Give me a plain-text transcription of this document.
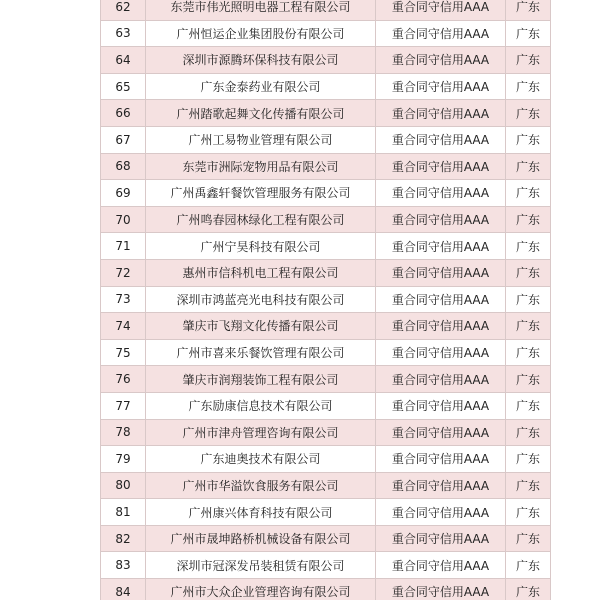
62	东莞市伟光照明电器工程有限公司	重合同守信用AAA	广东
63	广州恒运企业集团股份有限公司	重合同守信用AAA	广东
64	深圳市源腾环保科技有限公司	重合同守信用AAA	广东
65	广东金泰药业有限公司	重合同守信用AAA	广东
66	广州踏歌起舞文化传播有限公司	重合同守信用AAA	广东
67	广州工易物业管理有限公司	重合同守信用AAA	广东
68	东莞市洲际宠物用品有限公司	重合同守信用AAA	广东
69	广州禹鑫轩餐饮管理服务有限公司	重合同守信用AAA	广东
70	广州鸣春园林绿化工程有限公司	重合同守信用AAA	广东
71	广州宁昊科技有限公司	重合同守信用AAA	广东
72	惠州市信科机电工程有限公司	重合同守信用AAA	广东
73	深圳市鸿蓝亮光电科技有限公司	重合同守信用AAA	广东
74	肇庆市飞翔文化传播有限公司	重合同守信用AAA	广东
75	广州市喜来乐餐饮管理有限公司	重合同守信用AAA	广东
76	肇庆市润翔装饰工程有限公司	重合同守信用AAA	广东
77	广东励康信息技术有限公司	重合同守信用AAA	广东
78	广州市津舟管理咨询有限公司	重合同守信用AAA	广东
79	广东迪奥技术有限公司	重合同守信用AAA	广东
80	广州市华溢饮食服务有限公司	重合同守信用AAA	广东
81	广州康兴体育科技有限公司	重合同守信用AAA	广东
82	广州市晟坤路桥机械设备有限公司	重合同守信用AAA	广东
83	深圳市冠深发吊装租赁有限公司	重合同守信用AAA	广东
84	广州市大众企业管理咨询有限公司	重合同守信用AAA	广东
